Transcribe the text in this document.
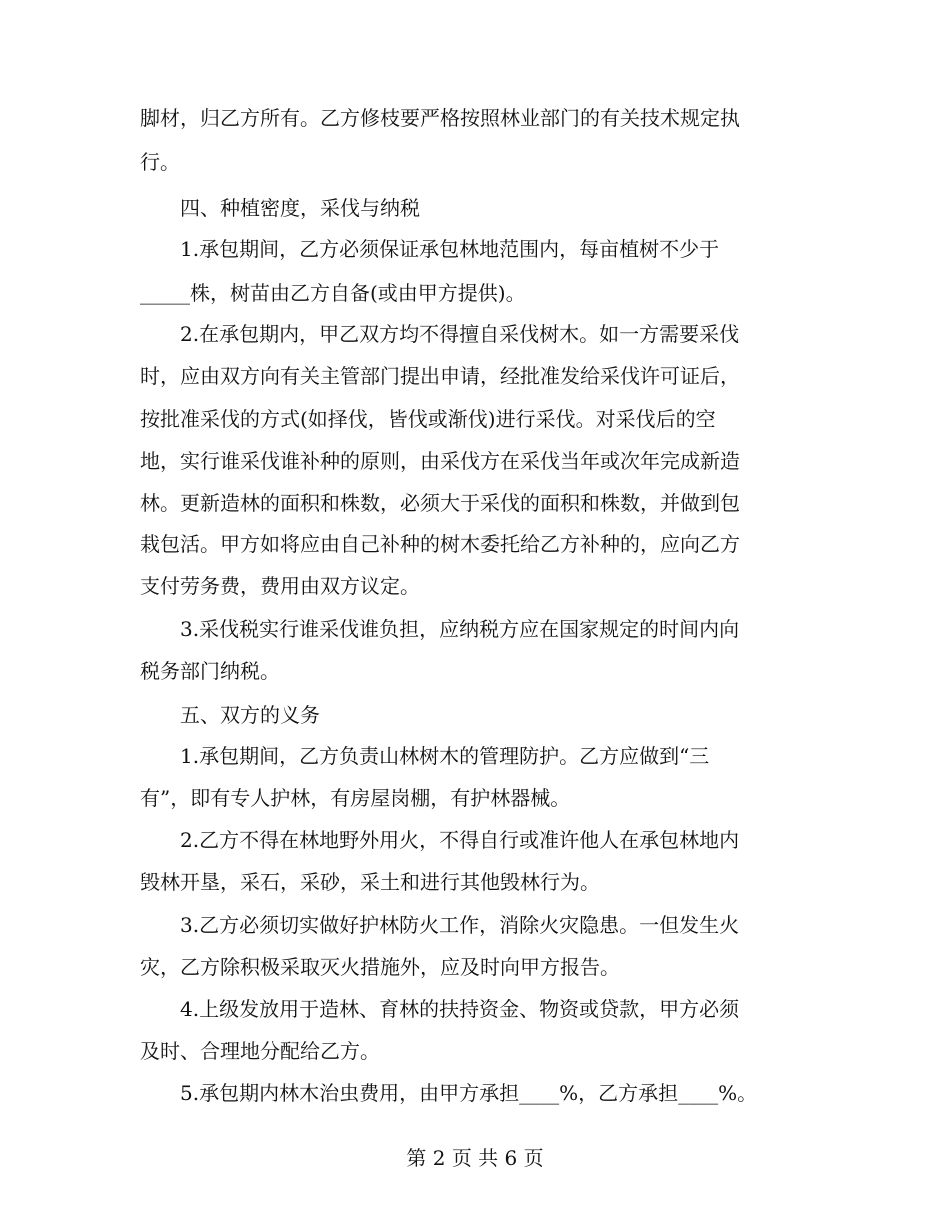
脚材，归乙方所有。乙方修枝要严格按照林业部门的有关技术规定执
行。
　　四、种植密度，采伐与纳税
　　1.承包期间，乙方必须保证承包林地范围内，每亩植树不少于
_____株，树苗由乙方自备(或由甲方提供)。
　　2.在承包期内，甲乙双方均不得擅自采伐树木。如一方需要采伐
时，应由双方向有关主管部门提出申请，经批准发给采伐许可证后，
按批准采伐的方式(如择伐，皆伐或渐伐)进行采伐。对采伐后的空
地，实行谁采伐谁补种的原则，由采伐方在采伐当年或次年完成新造
林。更新造林的面积和株数，必须大于采伐的面积和株数，并做到包
栽包活。甲方如将应由自己补种的树木委托给乙方补种的，应向乙方
支付劳务费，费用由双方议定。
　　3.采伐税实行谁采伐谁负担，应纳税方应在国家规定的时间内向
税务部门纳税。
　　五、双方的义务
　　1.承包期间，乙方负责山林树木的管理防护。乙方应做到“三
有”，即有专人护林，有房屋岗棚，有护林器械。
　　2.乙方不得在林地野外用火，不得自行或准许他人在承包林地内
毁林开垦，采石，采砂，采土和进行其他毁林行为。
　　3.乙方必须切实做好护林防火工作，消除火灾隐患。一但发生火
灾，乙方除积极采取灭火措施外，应及时向甲方报告。
　　4.上级发放用于造林、育林的扶持资金、物资或贷款，甲方必须
及时、合理地分配给乙方。
　　5.承包期内林木治虫费用，由甲方承担____%，乙方承担____%。
第 2 页 共 6 页
